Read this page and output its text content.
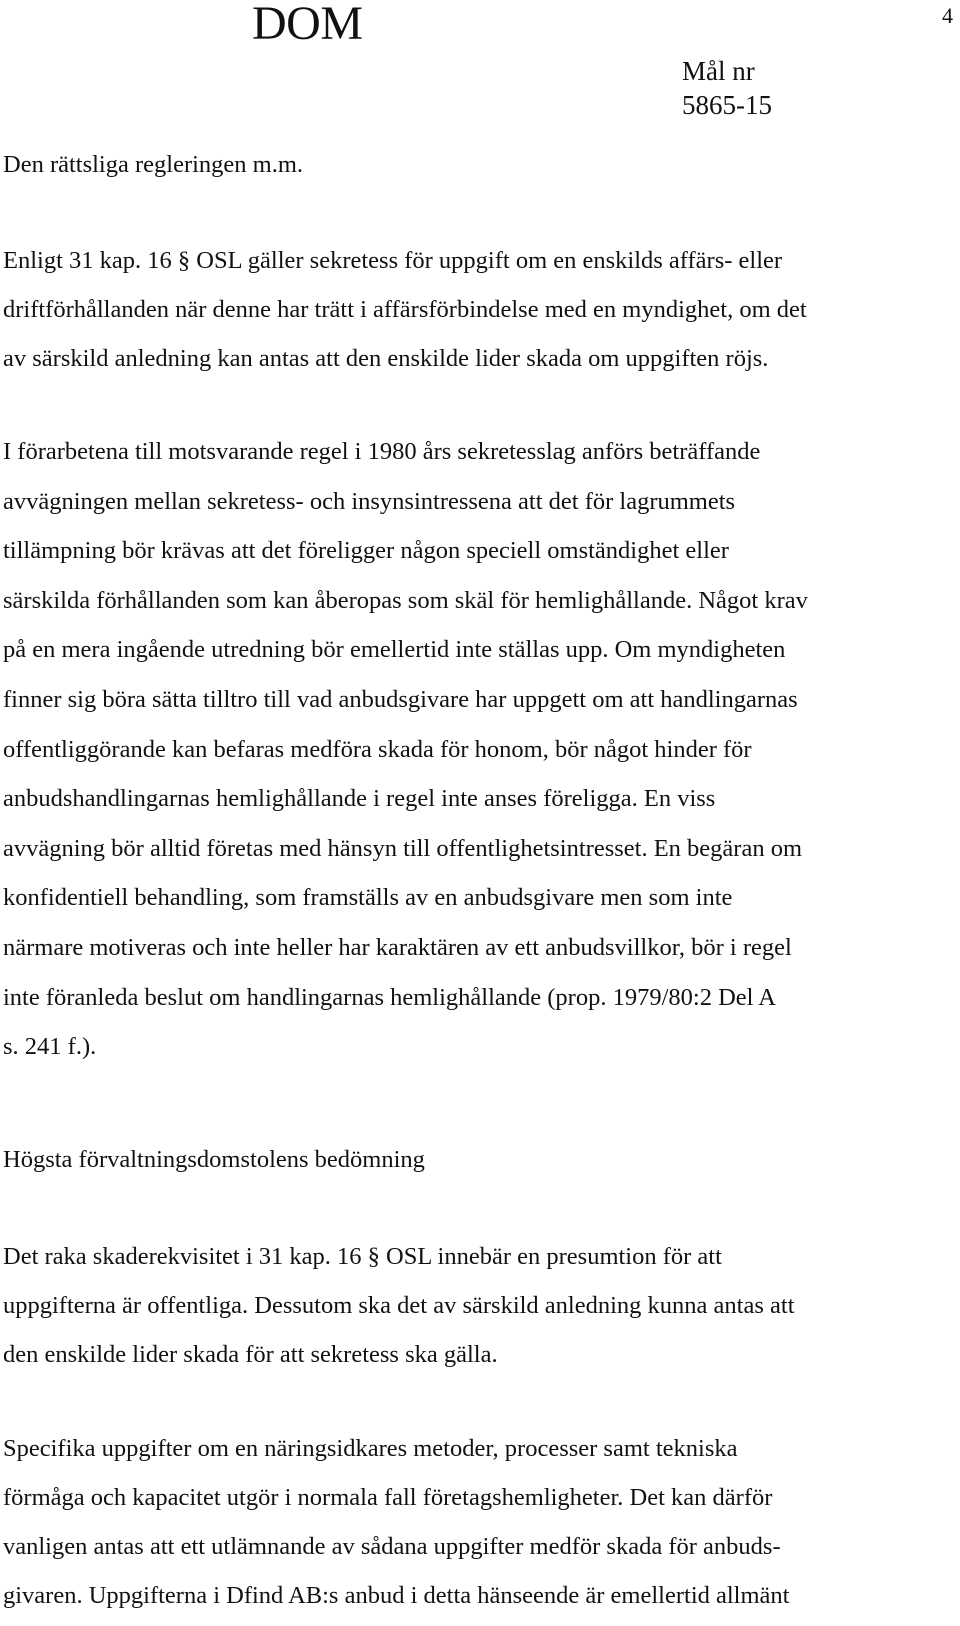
DOM	4
Mål nr
5865-15
Den rättsliga regleringen m.m.

Enligt 31 kap. 16 § OSL gäller sekretess för uppgift om en enskilds affärs- eller
driftförhållanden när denne har trätt i affärsförbindelse med en myndighet, om det
av särskild anledning kan antas att den enskilde lider skada om uppgiften röjs.

I förarbetena till motsvarande regel i 1980 års sekretesslag anförs beträffande
avvägningen mellan sekretess- och insynsintressena att det för lagrummets
tillämpning bör krävas att det föreligger någon speciell omständighet eller
särskilda förhållanden som kan åberopas som skäl för hemlighållande. Något krav
på en mera ingående utredning bör emellertid inte ställas upp. Om myndigheten
finner sig böra sätta tilltro till vad anbudsgivare har uppgett om att handlingarnas
offentliggörande kan befaras medföra skada för honom, bör något hinder för
anbudshandlingarnas hemlighållande i regel inte anses föreligga. En viss
avvägning bör alltid företas med hänsyn till offentlighetsintresset. En begäran om
konfidentiell behandling, som framställs av en anbudsgivare men som inte
närmare motiveras och inte heller har karaktären av ett anbudsvillkor, bör i regel
inte föranleda beslut om handlingarnas hemlighållande (prop. 1979/80:2 Del A
s. 241 f.).

Högsta förvaltningsdomstolens bedömning

Det raka skaderekvisitet i 31 kap. 16 § OSL innebär en presumtion för att
uppgifterna är offentliga. Dessutom ska det av särskild anledning kunna antas att
den enskilde lider skada för att sekretess ska gälla.

Specifika uppgifter om en näringsidkares metoder, processer samt tekniska
förmåga och kapacitet utgör i normala fall företagshemligheter. Det kan därför
vanligen antas att ett utlämnande av sådana uppgifter medför skada för anbuds-
givaren. Uppgifterna i Dfind AB:s anbud i detta hänseende är emellertid allmänt
